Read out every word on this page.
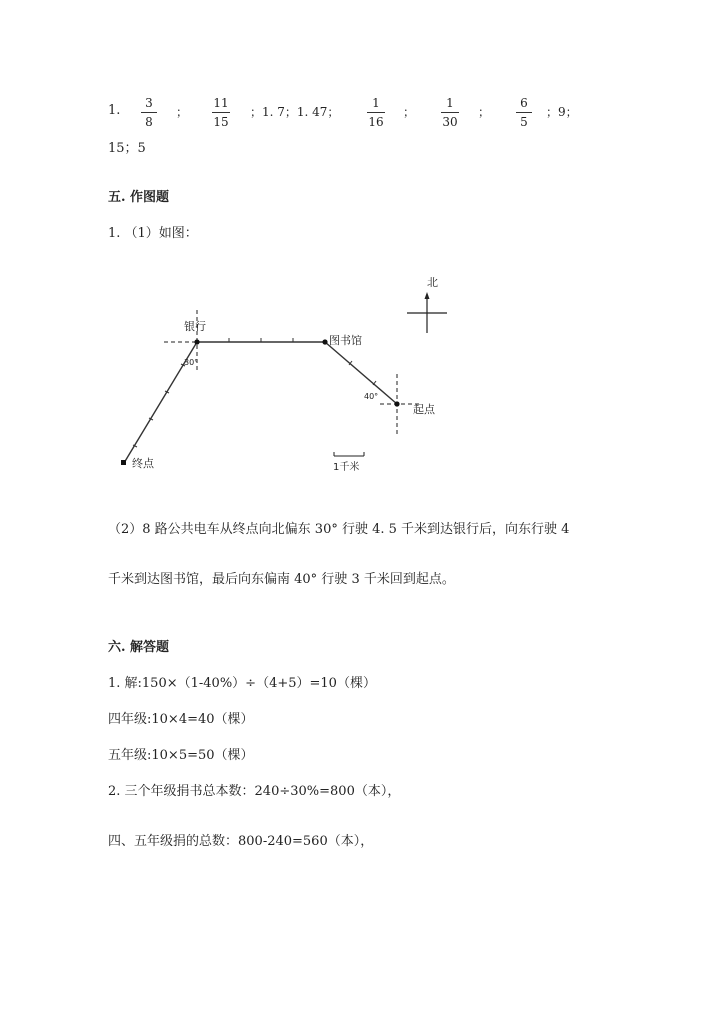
1. 3
8
；
11
15
；1. 7；1. 47；
1
16
；
1
30
；
6
5
；9；
15；5
五. 作图题
1. （1）如图：
北
银行
图书馆
起点
终点
30°
40°
1千米
（2）8 路公共电车从终点向北偏东 30° 行驶 4. 5 千米到达银行后，向东行驶 4
千米到达图书馆，最后向东偏南 40° 行驶 3 千米回到起点。
六. 解答题
1. 解:150×（1-40%）÷（4+5）=10（棵）
四年级:10×4=40（棵）
五年级:10×5=50（棵）
2. 三个年级捐书总本数：240÷30%=800（本），
四、五年级捐的总数：800-240=560（本），
